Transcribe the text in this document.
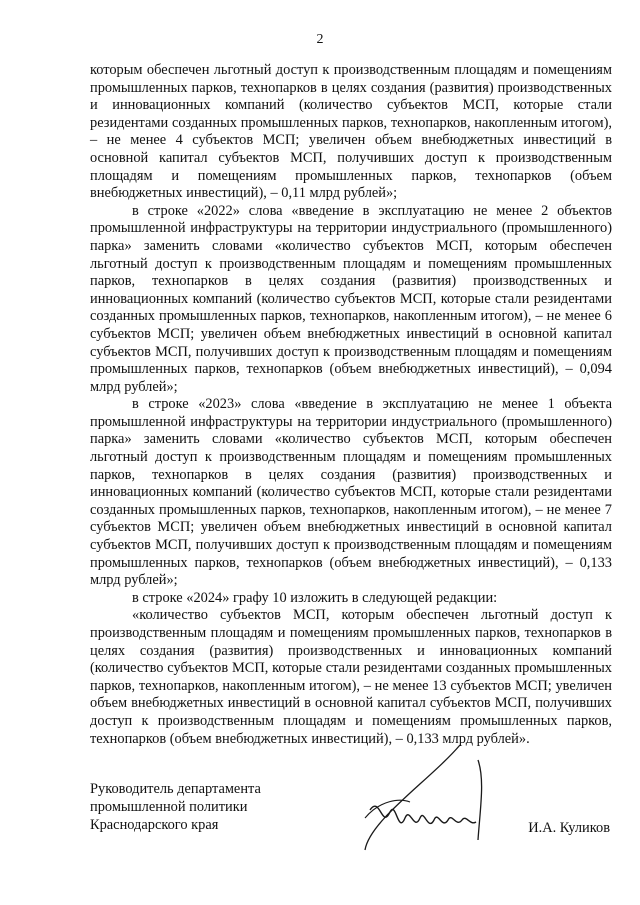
2

которым обеспечен льготный доступ к производственным площадям и помещениям промышленных парков, технопарков в целях создания (развития) производственных и инновационных компаний (количество субъектов МСП, которые стали резидентами созданных промышленных парков, технопарков, накопленным итогом), – не менее 4 субъектов МСП; увеличен объем внебюджетных инвестиций в основной капитал субъектов МСП, получивших доступ к производственным площадям и помещениям промышленных парков, технопарков (объем внебюджетных инвестиций), – 0,11 млрд рублей»;

в строке «2022» слова «введение в эксплуатацию не менее 2 объектов промышленной инфраструктуры на территории индустриального (промышленного) парка» заменить словами «количество субъектов МСП, которым обеспечен льготный доступ к производственным площадям и помещениям промышленных парков, технопарков в целях создания (развития) производственных и инновационных компаний (количество субъектов МСП, которые стали резидентами созданных промышленных парков, технопарков, накопленным итогом), – не менее 6 субъектов МСП; увеличен объем внебюджетных инвестиций в основной капитал субъектов МСП, получивших доступ к производственным площадям и помещениям промышленных парков, технопарков (объем внебюджетных инвестиций), – 0,094 млрд рублей»;

в строке «2023» слова «введение в эксплуатацию не менее 1 объекта промышленной инфраструктуры на территории индустриального (промышленного) парка» заменить словами «количество субъектов МСП, которым обеспечен льготный доступ к производственным площадям и помещениям промышленных парков, технопарков в целях создания (развития) производственных и инновационных компаний (количество субъектов МСП, которые стали резидентами созданных промышленных парков, технопарков, накопленным итогом), – не менее 7 субъектов МСП; увеличен объем внебюджетных инвестиций в основной капитал субъектов МСП, получивших доступ к производственным площадям и помещениям промышленных парков, технопарков (объем внебюджетных инвестиций), – 0,133 млрд рублей»;

в строке «2024» графу 10 изложить в следующей редакции:

«количество субъектов МСП, которым обеспечен льготный доступ к производственным площадям и помещениям промышленных парков, технопарков в целях создания (развития) производственных и инновационных компаний (количество субъектов МСП, которые стали резидентами созданных промышленных парков, технопарков, накопленным итогом), – не менее 13 субъектов МСП; увеличен объем внебюджетных инвестиций в основной капитал субъектов МСП, получивших доступ к производственным площадям и помещениям промышленных парков, технопарков (объем внебюджетных инвестиций), – 0,133 млрд рублей».

Руководитель департамента
промышленной политики
Краснодарского края	И.А. Куликов
